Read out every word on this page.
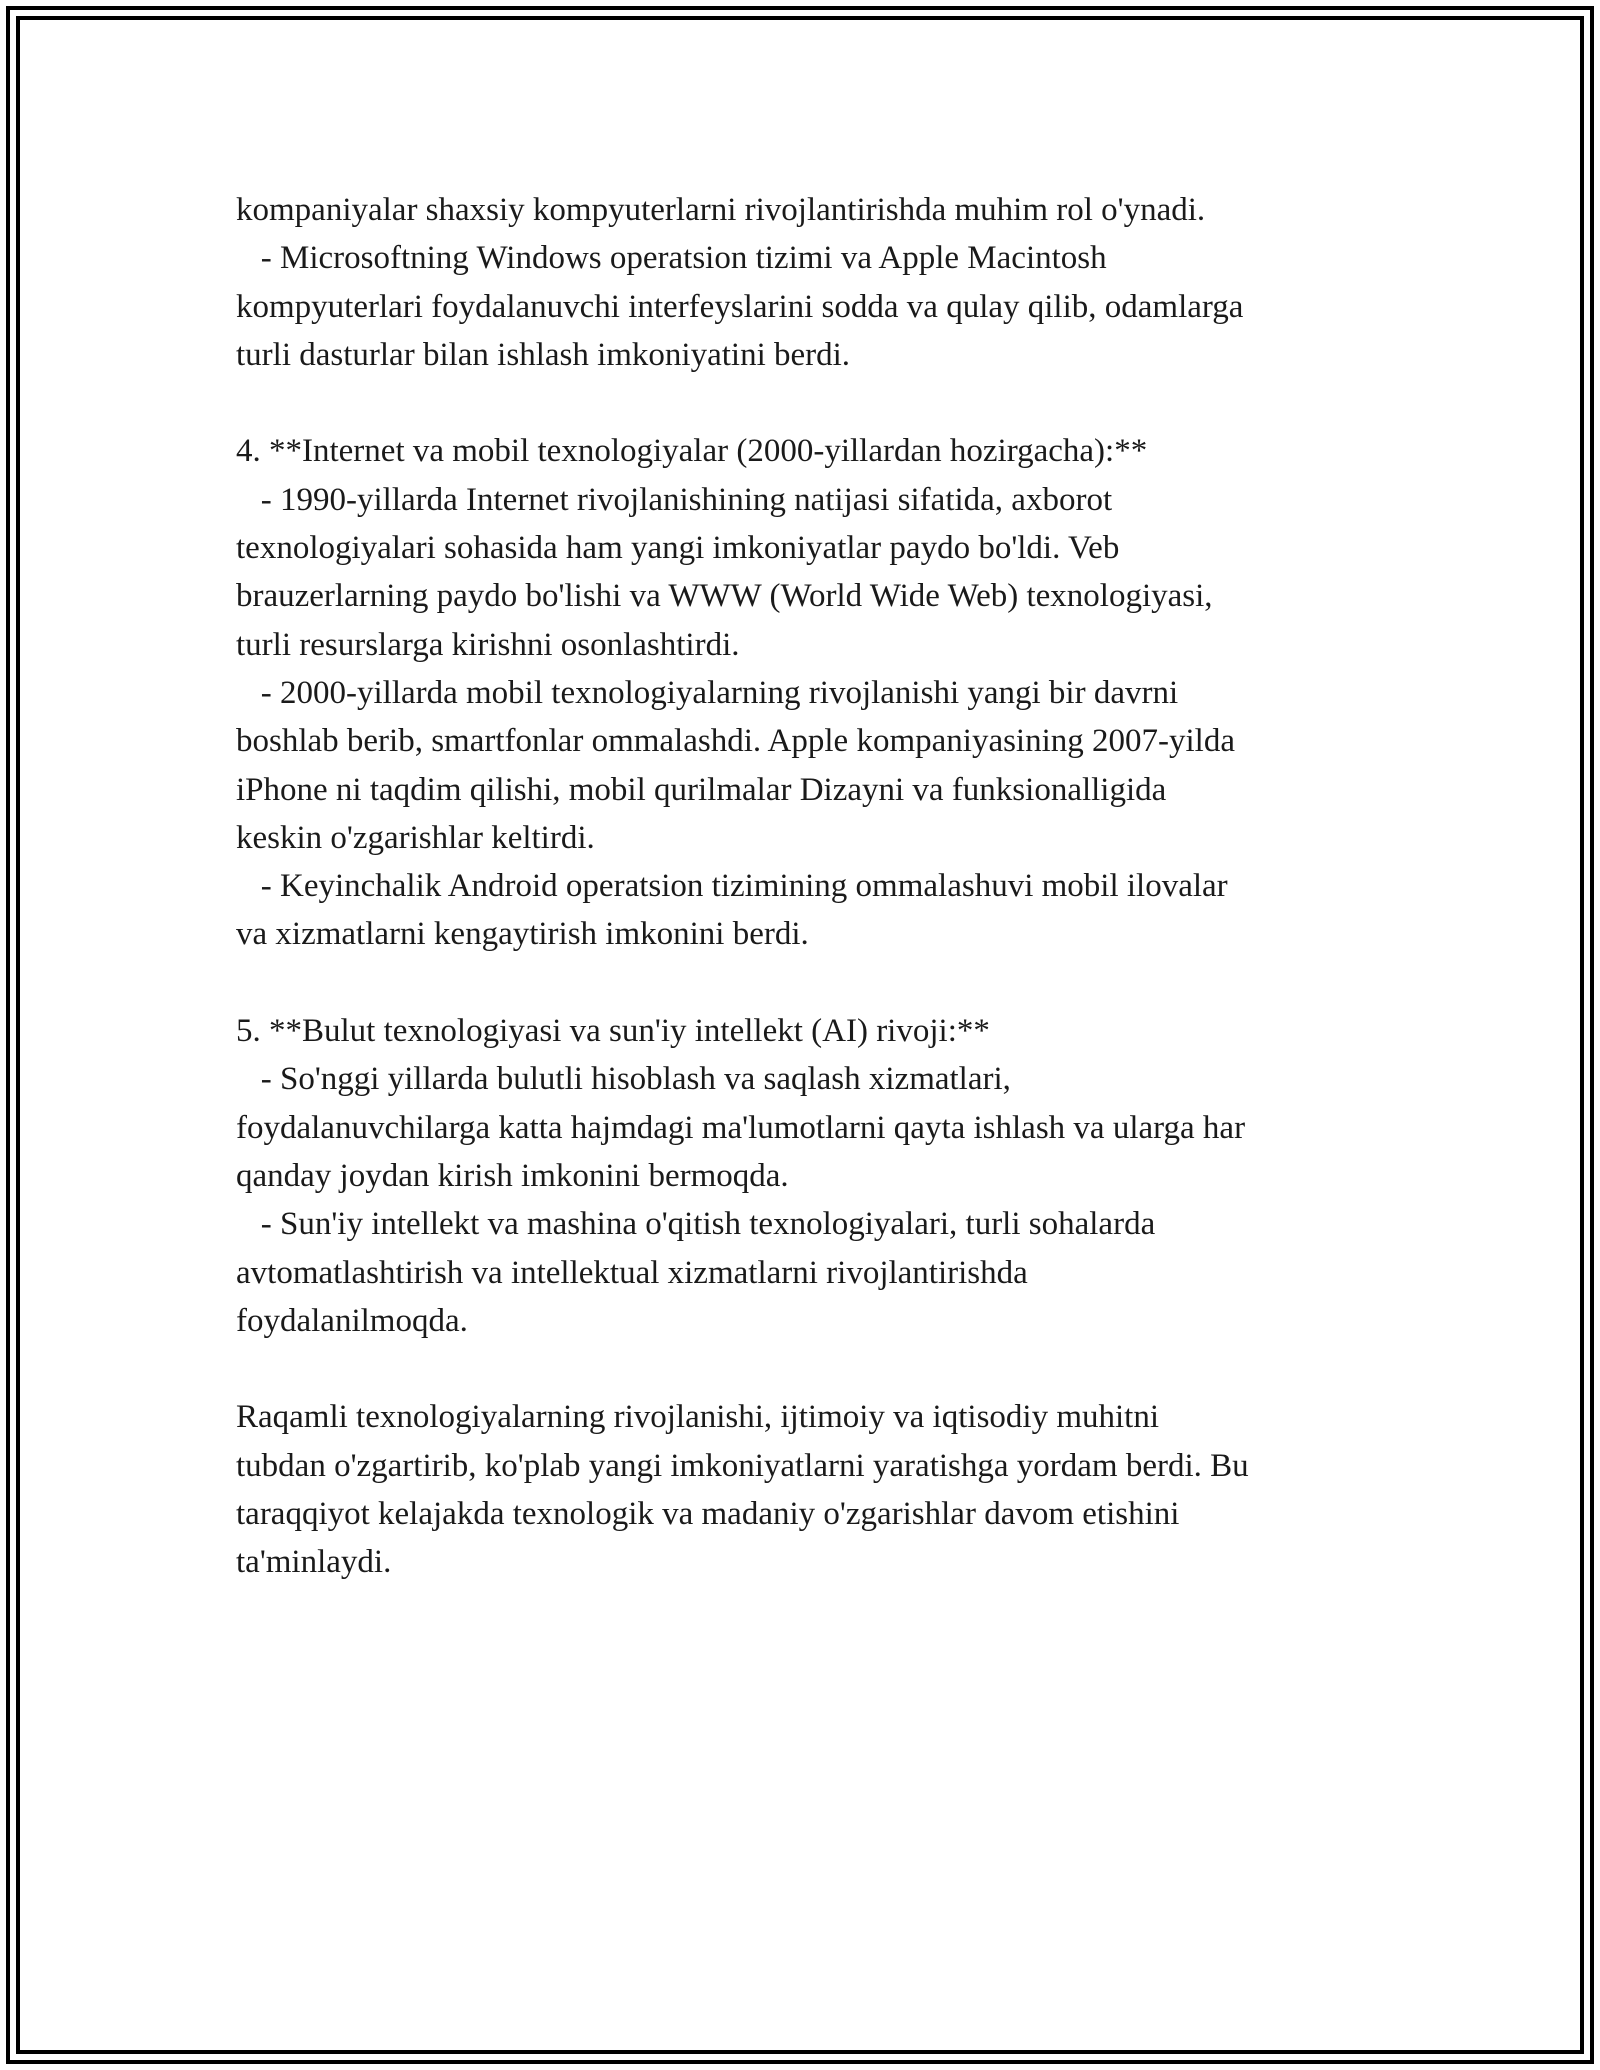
kompaniyalar shaxsiy kompyuterlarni rivojlantirishda muhim rol o'ynadi.
- Microsoftning Windows operatsion tizimi va Apple Macintosh
kompyuterlari foydalanuvchi interfeyslarini sodda va qulay qilib, odamlarga
turli dasturlar bilan ishlash imkoniyatini berdi.
4. **Internet va mobil texnologiyalar (2000-yillardan hozirgacha):**
- 1990-yillarda Internet rivojlanishining natijasi sifatida, axborot
texnologiyalari sohasida ham yangi imkoniyatlar paydo bo'ldi. Veb
brauzerlarning paydo bo'lishi va WWW (World Wide Web) texnologiyasi,
turli resurslarga kirishni osonlashtirdi.
- 2000-yillarda mobil texnologiyalarning rivojlanishi yangi bir davrni
boshlab berib, smartfonlar ommalashdi. Apple kompaniyasining 2007-yilda
iPhone ni taqdim qilishi, mobil qurilmalar Dizayni va funksionalligida
keskin o'zgarishlar keltirdi.
- Keyinchalik Android operatsion tizimining ommalashuvi mobil ilovalar
va xizmatlarni kengaytirish imkonini berdi.
5. **Bulut texnologiyasi va sun'iy intellekt (AI) rivoji:**
- So'nggi yillarda bulutli hisoblash va saqlash xizmatlari,
foydalanuvchilarga katta hajmdagi ma'lumotlarni qayta ishlash va ularga har
qanday joydan kirish imkonini bermoqda.
- Sun'iy intellekt va mashina o'qitish texnologiyalari, turli sohalarda
avtomatlashtirish va intellektual xizmatlarni rivojlantirishda
foydalanilmoqda.
Raqamli texnologiyalarning rivojlanishi, ijtimoiy va iqtisodiy muhitni
tubdan o'zgartirib, ko'plab yangi imkoniyatlarni yaratishga yordam berdi. Bu
taraqqiyot kelajakda texnologik va madaniy o'zgarishlar davom etishini
ta'minlaydi.
